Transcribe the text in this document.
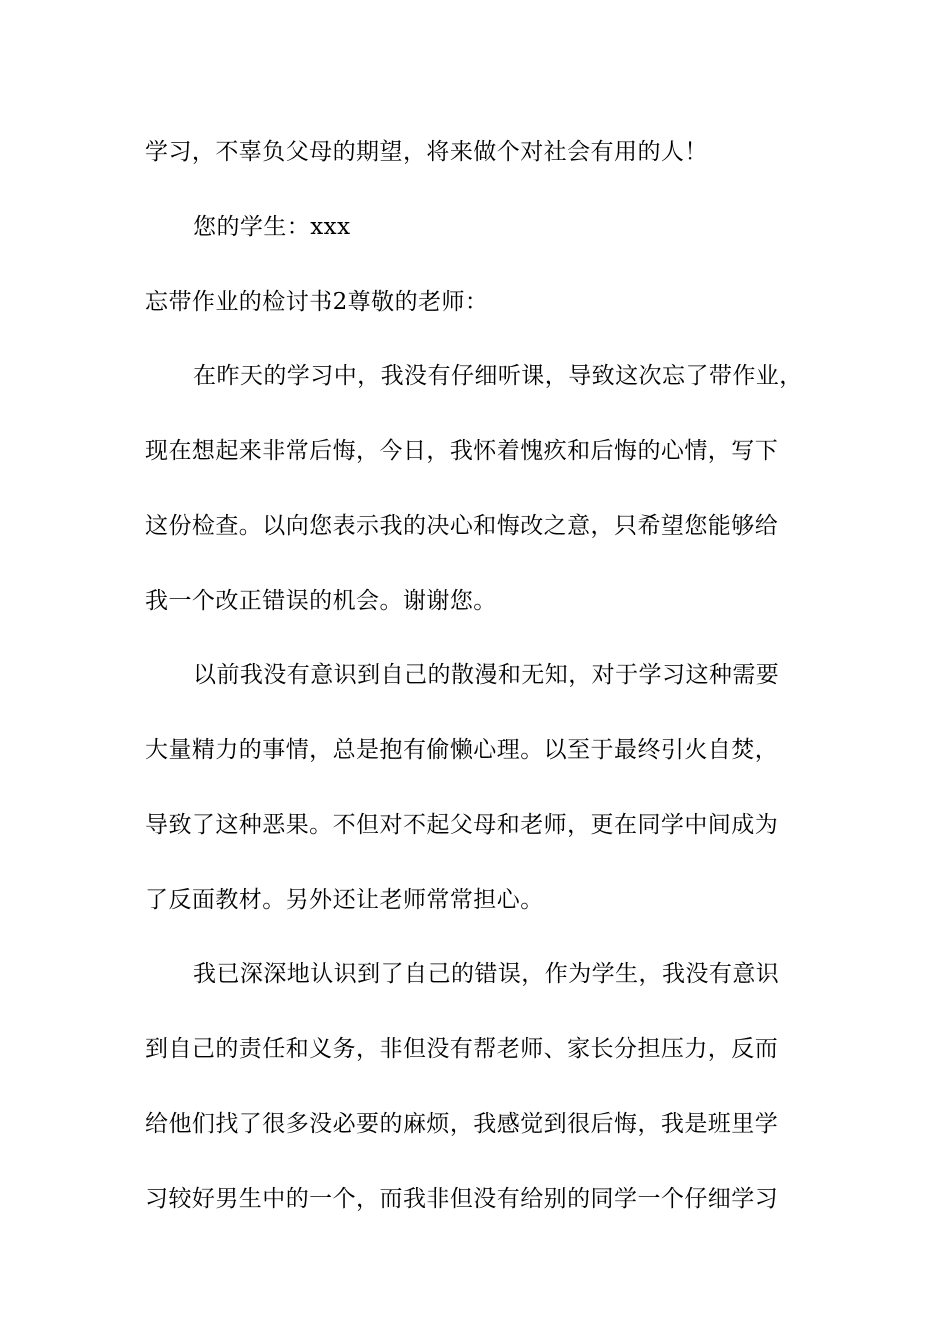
学习，不辜负父母的期望，将来做个对社会有用的人！
您的学生：xxx
忘带作业的检讨书2尊敬的老师：
在昨天的学习中，我没有仔细听课，导致这次忘了带作业，
现在想起来非常后悔，今日，我怀着愧疚和后悔的心情，写下
这份检查。以向您表示我的决心和悔改之意，只希望您能够给
我一个改正错误的机会。谢谢您。
以前我没有意识到自己的散漫和无知，对于学习这种需要
大量精力的事情，总是抱有偷懒心理。以至于最终引火自焚，
导致了这种恶果。不但对不起父母和老师，更在同学中间成为
了反面教材。另外还让老师常常担心。
我已深深地认识到了自己的错误，作为学生，我没有意识
到自己的责任和义务，非但没有帮老师、家长分担压力，反而
给他们找了很多没必要的麻烦，我感觉到很后悔，我是班里学
习较好男生中的一个，而我非但没有给别的同学一个仔细学习
